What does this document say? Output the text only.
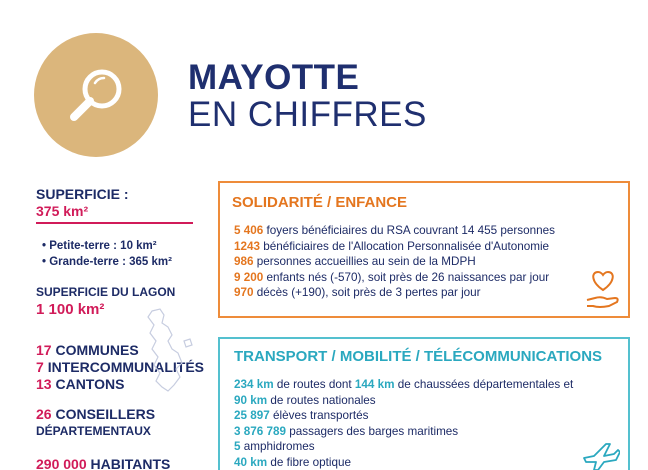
MAYOTTE
EN CHIFFRES
SUPERFICIE :
375 km²
• Petite-terre : 10 km²
• Grande-terre : 365 km²
SUPERFICIE DU LAGON
1 100 km²
17 COMMUNES
7 INTERCOMMUNALITÉS
13 CANTONS
26 CONSEILLERS
DÉPARTEMENTAUX
290 000 HABITANTS
SOLIDARITÉ / ENFANCE
5 406 foyers bénéficiaires du RSA couvrant 14 455 personnes
1243 bénéficiaires de l'Allocation Personnalisée d'Autonomie
986 personnes accueillies au sein de la MDPH
9 200 enfants nés (-570), soit près de 26 naissances par jour
970 décès (+190), soit près de 3 pertes par jour
TRANSPORT / MOBILITÉ / TÉLÉCOMMUNICATIONS
234 km de routes dont 144 km de chaussées départementales et
90 km de routes nationales
25 897 élèves transportés
3 876 789 passagers des barges maritimes
5 amphidromes
40 km de fibre optique
